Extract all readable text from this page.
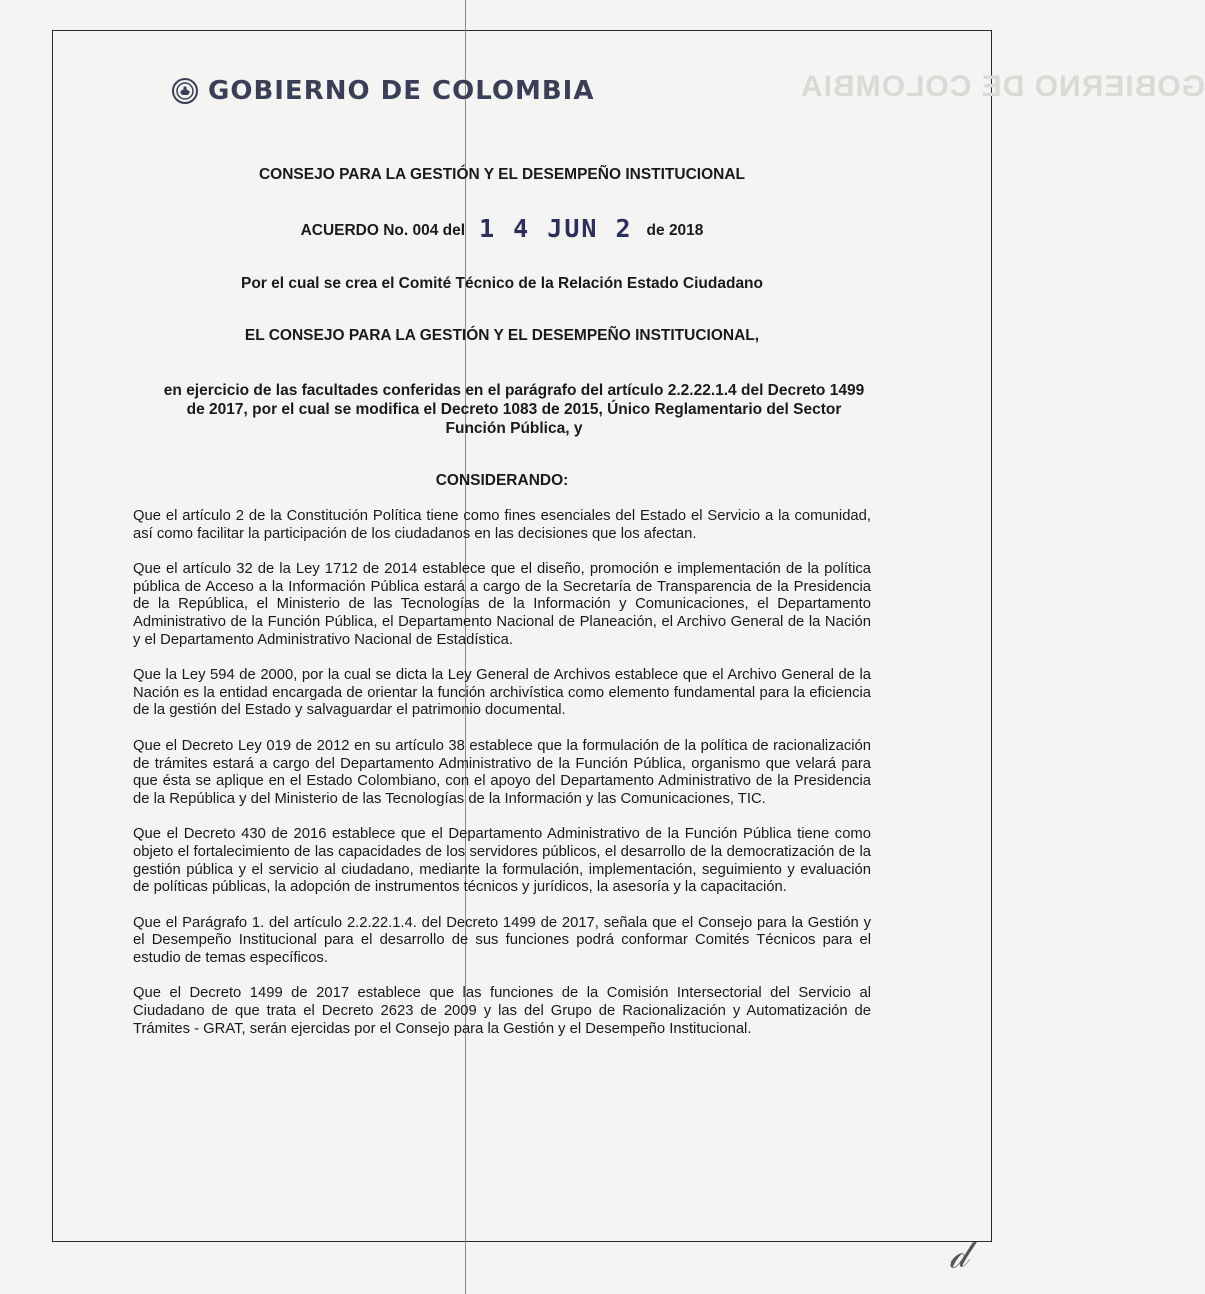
GOBIERNO DE COLOMBIA
GOBIERNO DE COLOMBIA
CONSEJO PARA LA GESTIÓN Y EL DESEMPEÑO INSTITUCIONAL
ACUERDO No. 004 del 1 4 JUN 2 de 2018
Por el cual se crea el Comité Técnico de la Relación Estado Ciudadano
EL CONSEJO PARA LA GESTIÓN Y EL DESEMPEÑO INSTITUCIONAL,
en ejercicio de las facultades conferidas en el parágrafo del artículo 2.2.22.1.4 del Decreto 1499 de 2017, por el cual se modifica el Decreto 1083 de 2015, Único Reglamentario del Sector Función Pública, y
CONSIDERANDO:

Que el artículo 2 de la Constitución Política tiene como fines esenciales del Estado el Servicio a la comunidad, así como facilitar la participación de los ciudadanos en las decisiones que los afectan.

Que el artículo 32 de la Ley 1712 de 2014 establece que el diseño, promoción e implementación de la política pública de Acceso a la Información Pública estará a cargo de la Secretaría de Transparencia de la Presidencia de la República, el Ministerio de las Tecnologías de la Información y Comunicaciones, el Departamento Administrativo de la Función Pública, el Departamento Nacional de Planeación, el Archivo General de la Nación y el Departamento Administrativo Nacional de Estadística.

Que la Ley 594 de 2000, por la cual se dicta la Ley General de Archivos establece que el Archivo General de la Nación es la entidad encargada de orientar la función archivística como elemento fundamental para la eficiencia de la gestión del Estado y salvaguardar el patrimonio documental.

Que el Decreto Ley 019 de 2012 en su artículo 38 establece que la formulación de la política de racionalización de trámites estará a cargo del Departamento Administrativo de la Función Pública, organismo que velará para que ésta se aplique en el Estado Colombiano, con el apoyo del Departamento Administrativo de la Presidencia de la República y del Ministerio de las Tecnologías de la Información y las Comunicaciones, TIC.

Que el Decreto 430 de 2016 establece que el Departamento Administrativo de la Función Pública tiene como objeto el fortalecimiento de las capacidades de los servidores públicos, el desarrollo de la democratización de la gestión pública y el servicio al ciudadano, mediante la formulación, implementación, seguimiento y evaluación de políticas públicas, la adopción de instrumentos técnicos y jurídicos, la asesoría y la capacitación.

Que el Parágrafo 1. del artículo 2.2.22.1.4. del Decreto 1499 de 2017, señala que el Consejo para la Gestión y el Desempeño Institucional para el desarrollo de sus funciones podrá conformar Comités Técnicos para el estudio de temas específicos.

Que el Decreto 1499 de 2017 establece que las funciones de la Comisión Intersectorial del Servicio al Ciudadano de que trata el Decreto 2623 de 2009 y las del Grupo de Racionalización y Automatización de Trámites - GRAT, serán ejercidas por el Consejo para la Gestión y el Desempeño Institucional.

𝒹
